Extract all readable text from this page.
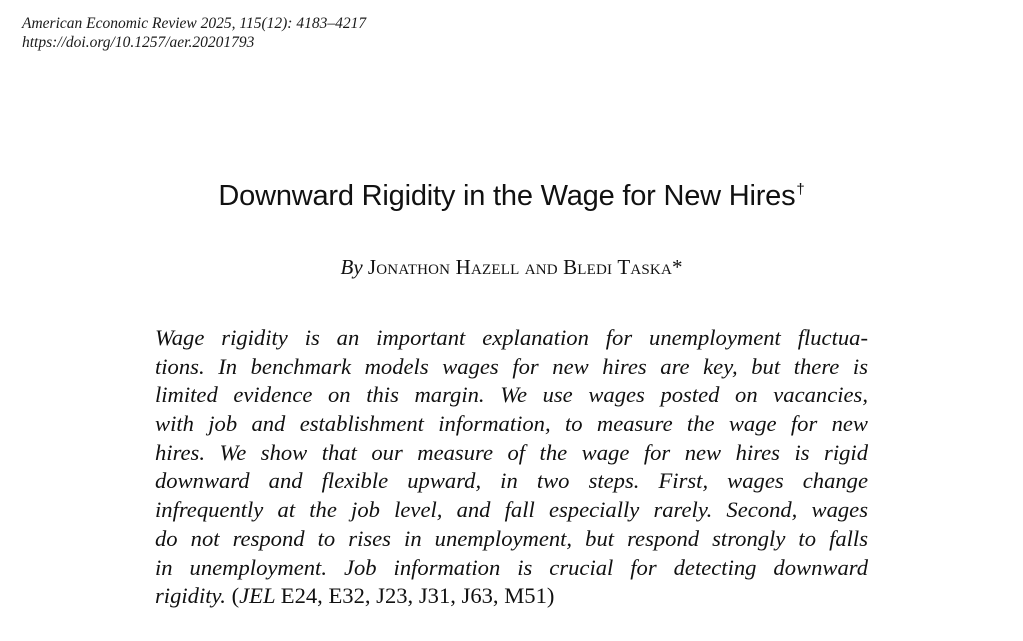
American Economic Review 2025, 115(12): 4183–4217
https://doi.org/10.1257/aer.20201793
Downward Rigidity in the Wage for New Hires†
By Jonathon Hazell and Bledi Taska*
Wage rigidity is an important explanation for unemployment fluctua-
tions. In benchmark models wages for new hires are key, but there is
limited evidence on this margin. We use wages posted on vacancies,
with job and establishment information, to measure the wage for new
hires. We show that our measure of the wage for new hires is rigid
downward and flexible upward, in two steps. First, wages change
infrequently at the job level, and fall especially rarely. Second, wages
do not respond to rises in unemployment, but respond strongly to falls
in unemployment. Job information is crucial for detecting downward
rigidity. (JEL E24, E32, J23, J31, J63, M51)
